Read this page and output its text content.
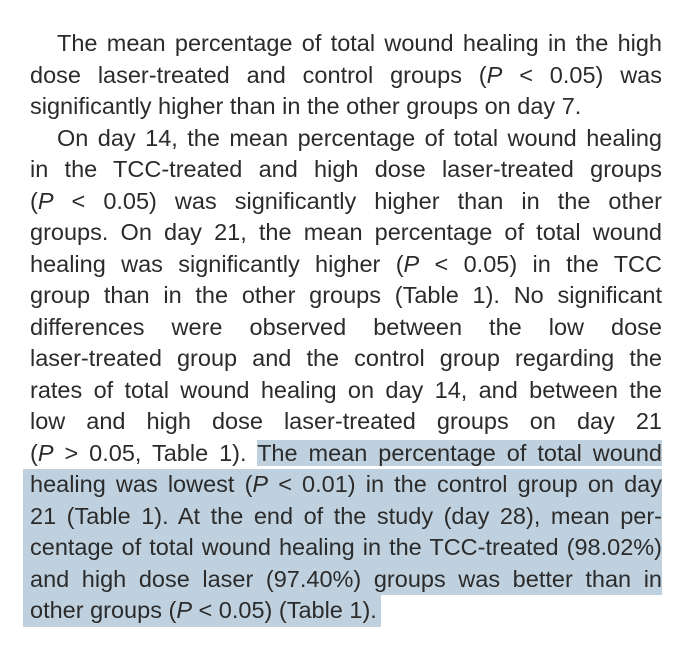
The mean percentage of total wound healing in the high
dose laser-treated and control groups (P < 0.05) was
significantly higher than in the other groups on day 7.
On day 14, the mean percentage of total wound healing
in the TCC-treated and high dose laser-treated groups
(P < 0.05) was significantly higher than in the other
groups. On day 21, the mean percentage of total wound
healing was significantly higher (P < 0.05) in the TCC
group than in the other groups (Table 1). No significant
differences were observed between the low dose
laser-treated group and the control group regarding the
rates of total wound healing on day 14, and between the
low and high dose laser-treated groups on day 21
(P > 0.05, Table 1). The mean percentage of total wound
healing was lowest (P < 0.01) in the control group on day
21 (Table 1). At the end of the study (day 28), mean per-
centage of total wound healing in the TCC-treated (98.02%)
and high dose laser (97.40%) groups was better than in
other groups (P < 0.05) (Table 1).
